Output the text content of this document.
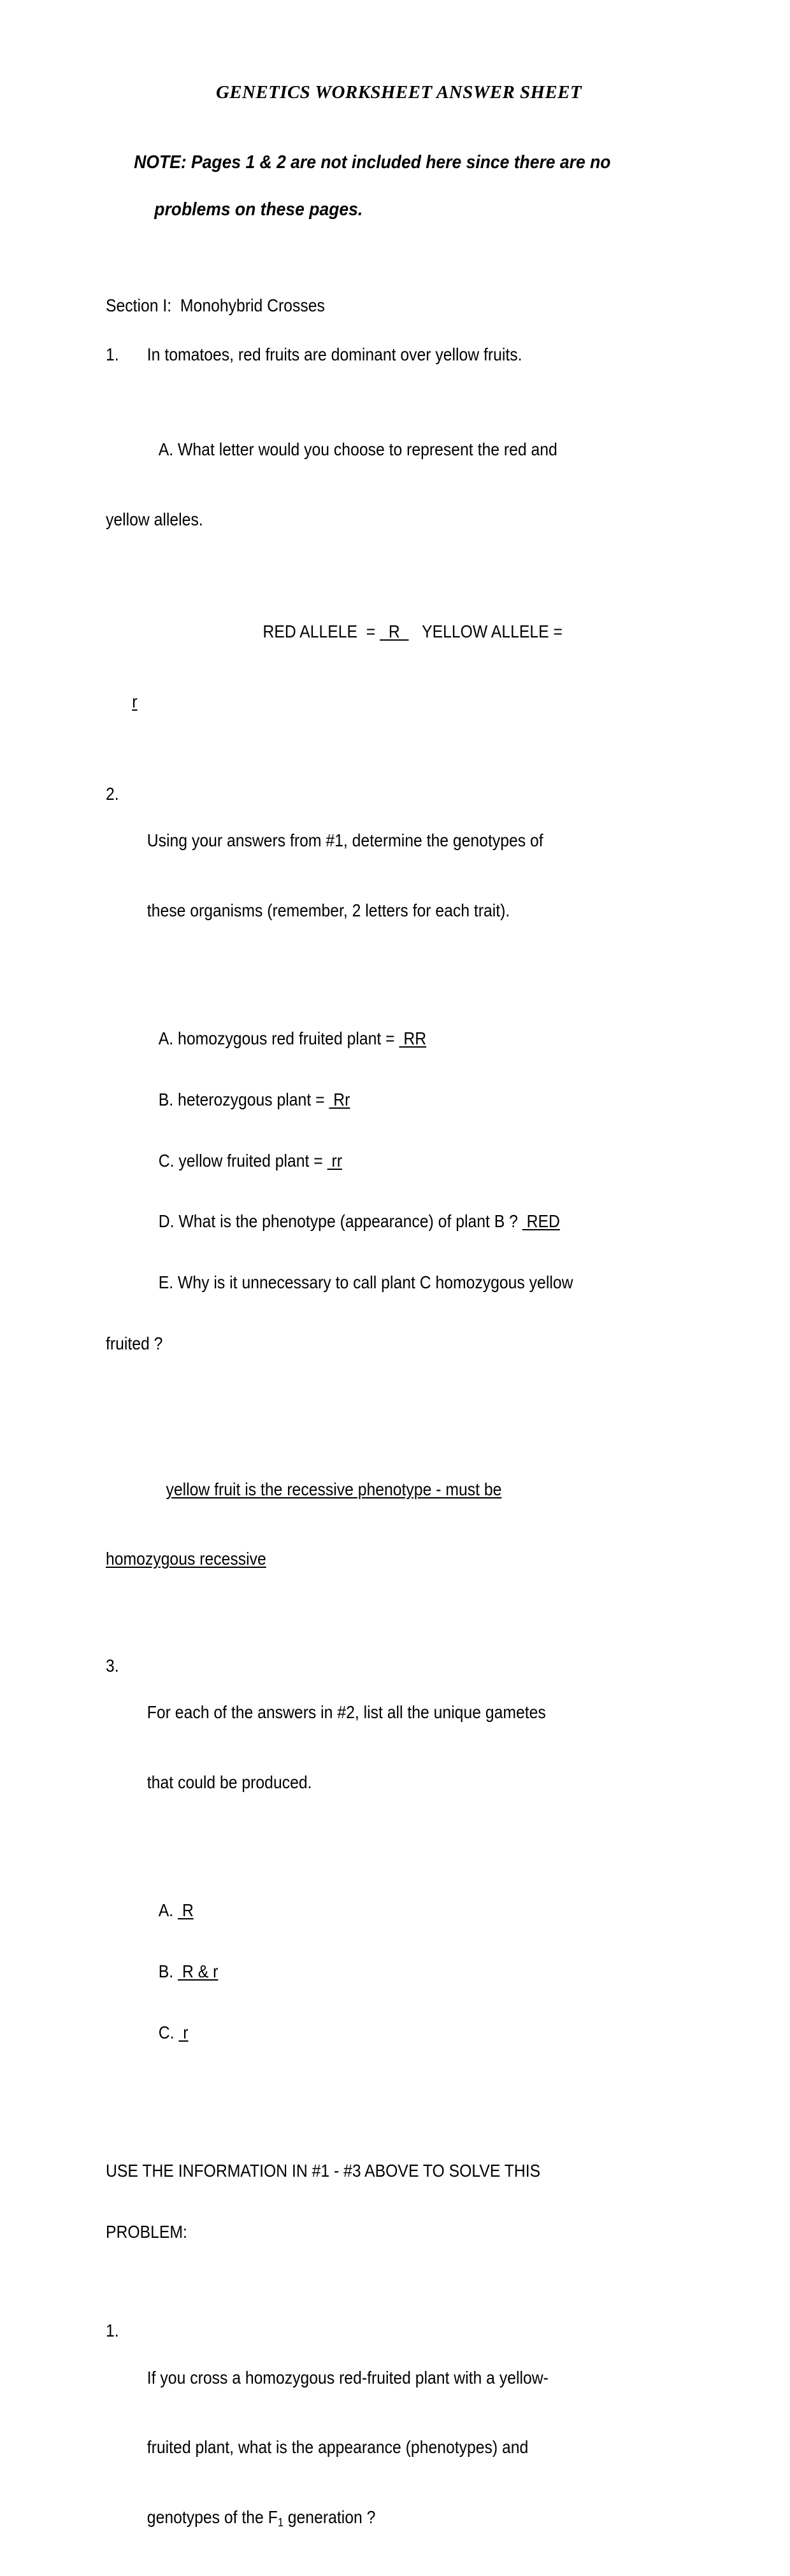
GENETICS WORKSHEET ANSWER SHEET

NOTE: Pages 1 & 2 are not included here since there are no

problems on these pages.

Section I:  Monohybrid Crosses
1.	In tomatoes, red fruits are dominant over yellow fruits.

A. What letter would you choose to represent the red and

yellow alleles.

RED ALLELE  =   R     YELLOW ALLELE =

r

2.

Using your answers from #1, determine the genotypes of

these organisms (remember, 2 letters for each trait).

A. homozygous red fruited plant =  RR

B. heterozygous plant =  Rr

C. yellow fruited plant =  rr

D. What is the phenotype (appearance) of plant B ?  RED

E. Why is it unnecessary to call plant C homozygous yellow

fruited ?

yellow fruit is the recessive phenotype - must be

homozygous recessive

3.

For each of the answers in #2, list all the unique gametes

that could be produced.

A.  R

B.  R & r

C.  r

USE THE INFORMATION IN #1 - #3 ABOVE TO SOLVE THIS

PROBLEM:

1.

If you cross a homozygous red-fruited plant with a yellow-

fruited plant, what is the appearance (phenotypes) and

genotypes of the $F_1$ generation ?
